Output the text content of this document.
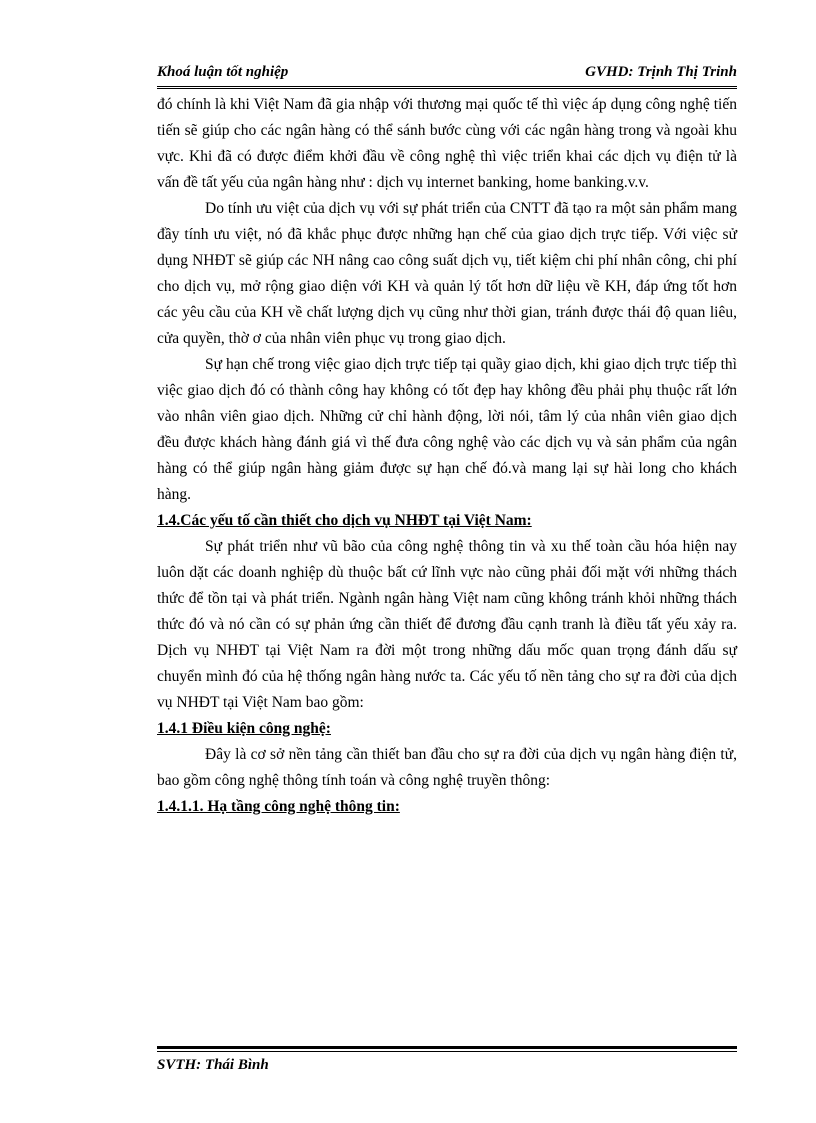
Khoá luận tốt nghiệp	GVHD: Trịnh Thị Trinh

đó chính là khi Việt Nam đã gia nhập với thương mại quốc tế thì việc áp dụng công nghệ tiến tiến sẽ giúp cho các ngân hàng có thể sánh bước cùng với các ngân hàng trong và ngoài khu vực. Khi đã có được điểm khởi đầu về công nghệ thì việc triển khai các dịch vụ điện tử là vấn đề tất yếu của ngân hàng như : dịch vụ internet banking, home banking.v.v.

Do tính ưu việt của dịch vụ với sự phát triển của CNTT đã tạo ra một sản phẩm mang đầy tính ưu việt, nó đã khắc phục được những hạn chế của giao dịch trực tiếp. Với việc sử dụng NHĐT sẽ giúp các NH nâng cao công suất dịch vụ, tiết kiệm chi phí nhân công, chi phí cho dịch vụ, mở rộng giao diện với KH và quản lý tốt hơn dữ liệu về KH, đáp ứng tốt hơn các yêu cầu của KH về chất lượng dịch vụ cũng như thời gian, tránh được thái độ quan liêu, cửa quyền, thờ ơ của nhân viên phục vụ trong giao dịch.

Sự hạn chế trong việc giao dịch trực tiếp tại quầy giao dịch, khi giao dịch trực tiếp thì việc giao dịch đó có thành công hay không có tốt đẹp hay không đều phải phụ thuộc rất lớn vào nhân viên giao dịch. Những cử chỉ hành động, lời nói, tâm lý của nhân viên giao dịch đều được khách hàng đánh giá vì thế đưa công nghệ vào các dịch vụ và sản phẩm của ngân hàng có thể giúp ngân hàng giảm được sự hạn chế đó.và mang lại sự hài long cho khách hàng.

1.4.Các yếu tố cần thiết cho dịch vụ NHĐT tại Việt Nam:

Sự phát triển như vũ bão của công nghệ thông tin và xu thế toàn cầu hóa hiện nay luôn dặt các doanh nghiệp dù thuộc bất cứ lĩnh vực nào cũng phải đối mặt với những thách thức để tồn tại và phát triển. Ngành ngân hàng Việt nam cũng không tránh khỏi những thách thức đó và nó cần có sự phản ứng cần thiết để đương đầu cạnh tranh là điều tất yếu xảy ra. Dịch vụ NHĐT tại Việt Nam ra đời một trong những dấu mốc quan trọng đánh dấu sự chuyển mình đó của hệ thống ngân hàng nước ta. Các yếu tố nền tảng cho sự ra đời của dịch vụ NHĐT tại Việt Nam bao gồm:

1.4.1 Điều kiện công nghệ:

Đây là cơ sở nền tảng cần thiết ban đầu cho sự ra đời của dịch vụ ngân hàng điện tử, bao gồm công nghệ thông tính toán và công nghệ truyền thông:

1.4.1.1. Hạ tầng công nghệ thông tin:

SVTH: Thái Bình
